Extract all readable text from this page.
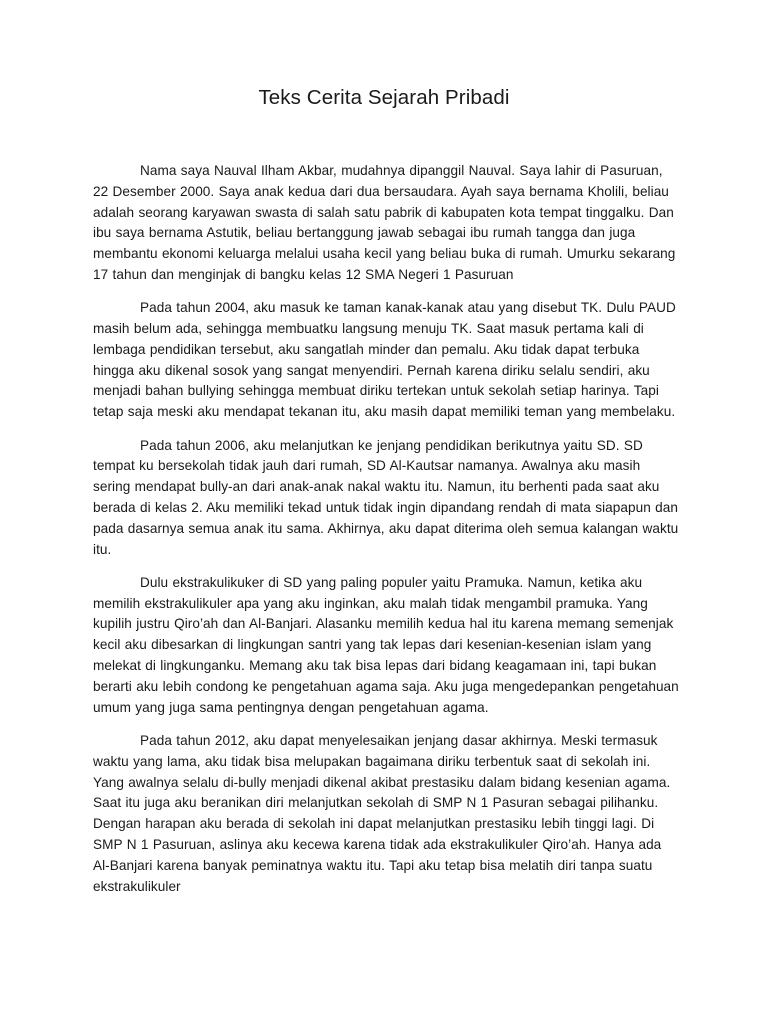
Teks Cerita Sejarah Pribadi

Nama saya Nauval Ilham Akbar, mudahnya dipanggil Nauval. Saya lahir di Pasuruan, 22 Desember 2000. Saya anak kedua dari dua bersaudara. Ayah saya bernama Kholili, beliau adalah seorang karyawan swasta di salah satu pabrik di kabupaten kota tempat tinggalku. Dan ibu saya bernama Astutik, beliau bertanggung jawab sebagai ibu rumah tangga dan juga membantu ekonomi keluarga melalui usaha kecil yang beliau buka di rumah. Umurku sekarang 17 tahun dan menginjak di bangku kelas 12 SMA Negeri 1 Pasuruan

Pada tahun 2004, aku masuk ke taman kanak-kanak atau yang disebut TK. Dulu PAUD masih belum ada, sehingga membuatku langsung menuju TK. Saat masuk pertama kali di lembaga pendidikan tersebut, aku sangatlah minder dan pemalu. Aku tidak dapat terbuka hingga aku dikenal sosok yang sangat menyendiri. Pernah karena diriku selalu sendiri, aku menjadi bahan bullying sehingga membuat diriku tertekan untuk sekolah setiap harinya. Tapi tetap saja meski aku mendapat tekanan itu, aku masih dapat memiliki teman yang membelaku.

Pada tahun 2006, aku melanjutkan ke jenjang pendidikan berikutnya yaitu SD. SD tempat ku bersekolah tidak jauh dari rumah, SD Al-Kautsar namanya. Awalnya aku masih sering mendapat bully-an dari anak-anak nakal waktu itu. Namun, itu berhenti pada saat aku berada di kelas 2. Aku memiliki tekad untuk tidak ingin dipandang rendah di mata siapapun dan pada dasarnya semua anak itu sama. Akhirnya, aku dapat diterima oleh semua kalangan waktu itu.

Dulu ekstrakulikuker di SD yang paling populer yaitu Pramuka. Namun, ketika aku memilih ekstrakulikuler apa yang aku inginkan, aku malah tidak mengambil pramuka. Yang kupilih justru Qiro’ah dan Al-Banjari. Alasanku memilih kedua hal itu karena memang semenjak kecil aku dibesarkan di lingkungan santri yang tak lepas dari kesenian-kesenian islam yang melekat di lingkunganku. Memang aku tak bisa lepas dari bidang keagamaan ini, tapi bukan berarti aku lebih condong ke pengetahuan agama saja. Aku juga mengedepankan pengetahuan umum yang juga sama pentingnya dengan pengetahuan agama.

Pada tahun 2012, aku dapat menyelesaikan jenjang dasar akhirnya. Meski termasuk waktu yang lama, aku tidak bisa melupakan bagaimana diriku terbentuk saat di sekolah ini. Yang awalnya selalu di-bully menjadi dikenal akibat prestasiku dalam bidang kesenian agama. Saat itu juga aku beranikan diri melanjutkan sekolah di SMP N 1 Pasuran sebagai pilihanku. Dengan harapan aku berada di sekolah ini dapat melanjutkan prestasiku lebih tinggi lagi. Di SMP N 1 Pasuruan, aslinya aku kecewa karena tidak ada ekstrakulikuler Qiro’ah. Hanya ada Al-Banjari karena banyak peminatnya waktu itu. Tapi aku tetap bisa melatih diri tanpa suatu ekstrakulikuler
